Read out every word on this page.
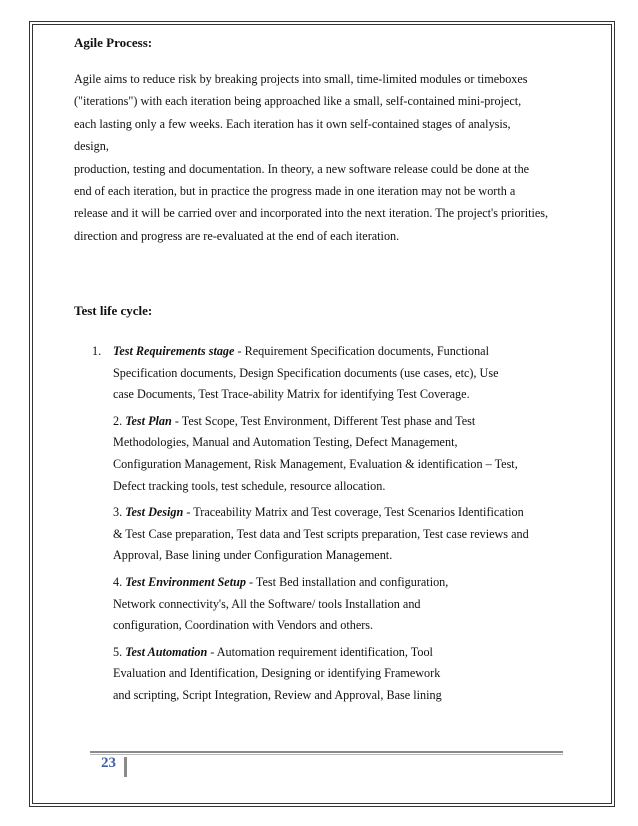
Agile Process:
Agile aims to reduce risk by breaking projects into small, time-limited modules or timeboxes
("iterations") with each iteration being approached like a small, self-contained mini-project,
each lasting only a few weeks. Each iteration has it own self-contained stages of analysis,
design,
production, testing and documentation. In theory, a new software release could be done at the
end of each iteration, but in practice the progress made in one iteration may not be worth a
release and it will be carried over and incorporated into the next iteration. The project's priorities,
direction and progress are re-evaluated at the end of each iteration.
Test life cycle:
1. Test Requirements stage - Requirement Specification documents, Functional
Specification documents, Design Specification documents (use cases, etc), Use
case Documents, Test Trace-ability Matrix for identifying Test Coverage.
2. Test Plan - Test Scope, Test Environment, Different Test phase and Test
Methodologies, Manual and Automation Testing, Defect Management,
Configuration Management, Risk Management, Evaluation & identification – Test,
Defect tracking tools, test schedule, resource allocation.
3. Test Design - Traceability Matrix and Test coverage, Test Scenarios Identification
& Test Case preparation, Test data and Test scripts preparation, Test case reviews and
Approval, Base lining under Configuration Management.
4. Test Environment Setup - Test Bed installation and configuration,
Network connectivity's, All the Software/ tools Installation and
configuration, Coordination with Vendors and others.
5. Test Automation - Automation requirement identification, Tool
Evaluation and Identification, Designing or identifying Framework
and scripting, Script Integration, Review and Approval, Base lining
23
